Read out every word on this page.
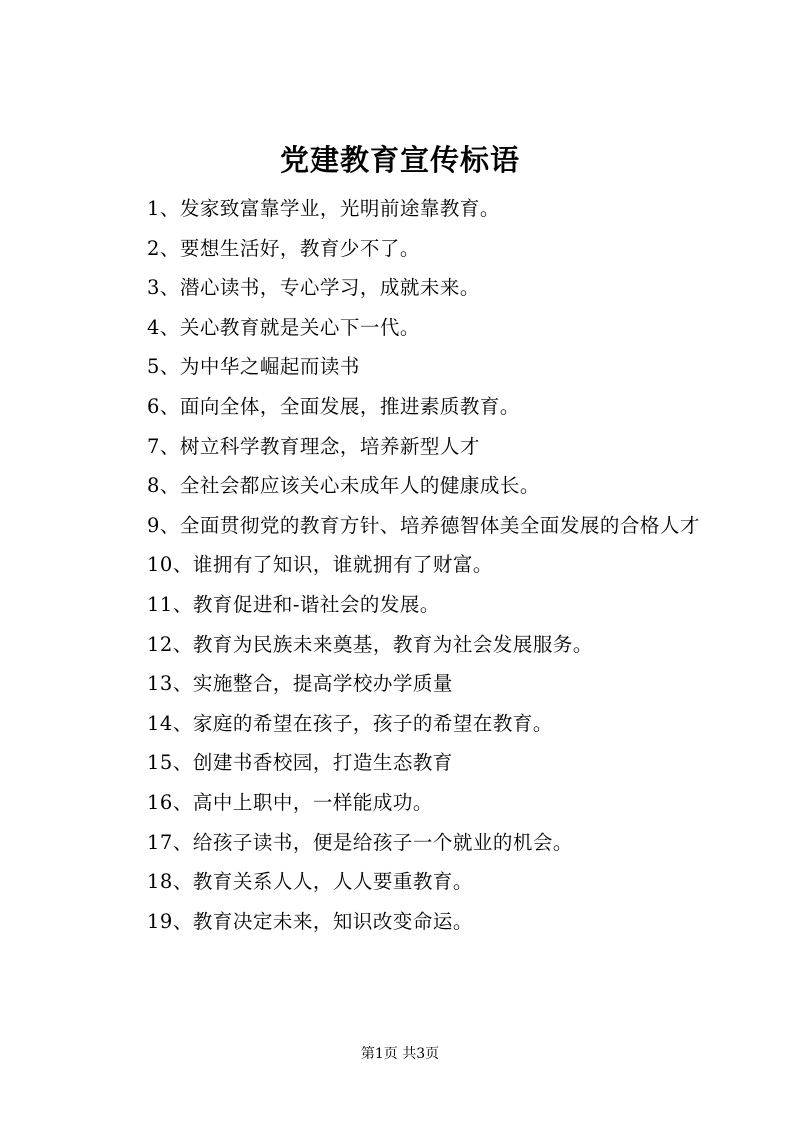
党建教育宣传标语
1、发家致富靠学业，光明前途靠教育。
2、要想生活好，教育少不了。
3、潜心读书，专心学习，成就未来。
4、关心教育就是关心下一代。
5、为中华之崛起而读书
6、面向全体，全面发展，推进素质教育。
7、树立科学教育理念，培养新型人才
8、全社会都应该关心未成年人的健康成长。
9、全面贯彻党的教育方针、培养德智体美全面发展的合格人才
10、谁拥有了知识，谁就拥有了财富。
11、教育促进和-谐社会的发展。
12、教育为民族未来奠基，教育为社会发展服务。
13、实施整合，提高学校办学质量
14、家庭的希望在孩子，孩子的希望在教育。
15、创建书香校园，打造生态教育
16、高中上职中，一样能成功。
17、给孩子读书，便是给孩子一个就业的机会。
18、教育关系人人，人人要重教育。
19、教育决定未来，知识改变命运。
第1页 共3页
